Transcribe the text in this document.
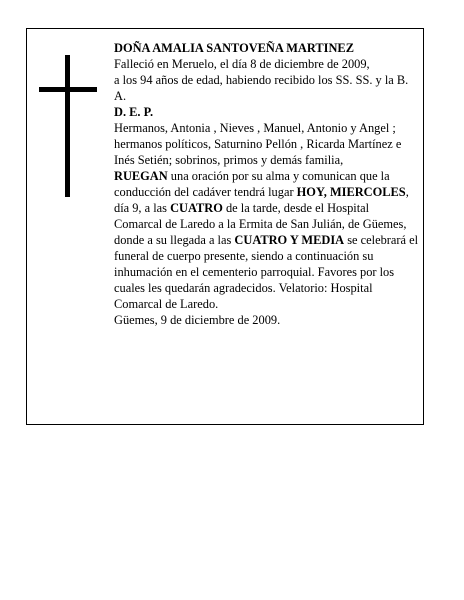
DOÑA AMALIA SANTOVEÑA MARTINEZ

Falleció en Meruelo, el día 8 de diciembre de 2009,

a los 94 años de edad, habiendo recibido los SS. SS. y la B. A.

D. E. P.

Hermanos, Antonia , Nieves , Manuel, Antonio y Angel ; hermanos políticos, Saturnino Pellón , Ricarda Martínez e Inés Setién; sobrinos, primos y demás familia,

RUEGAN una oración por su alma y comunican que la conducción del cadáver tendrá lugar HOY, MIERCOLES, día 9, a las CUATRO de la tarde, desde el Hospital Comarcal de Laredo a la Ermita de San Julián, de Güemes, donde a su llegada a las CUATRO Y MEDIA se celebrará el funeral de cuerpo presente, siendo a continuación su inhumación en el cementerio parroquial. Favores por los cuales les quedarán agradecidos. Velatorio: Hospital Comarcal de Laredo.

Güemes, 9 de diciembre de 2009.
